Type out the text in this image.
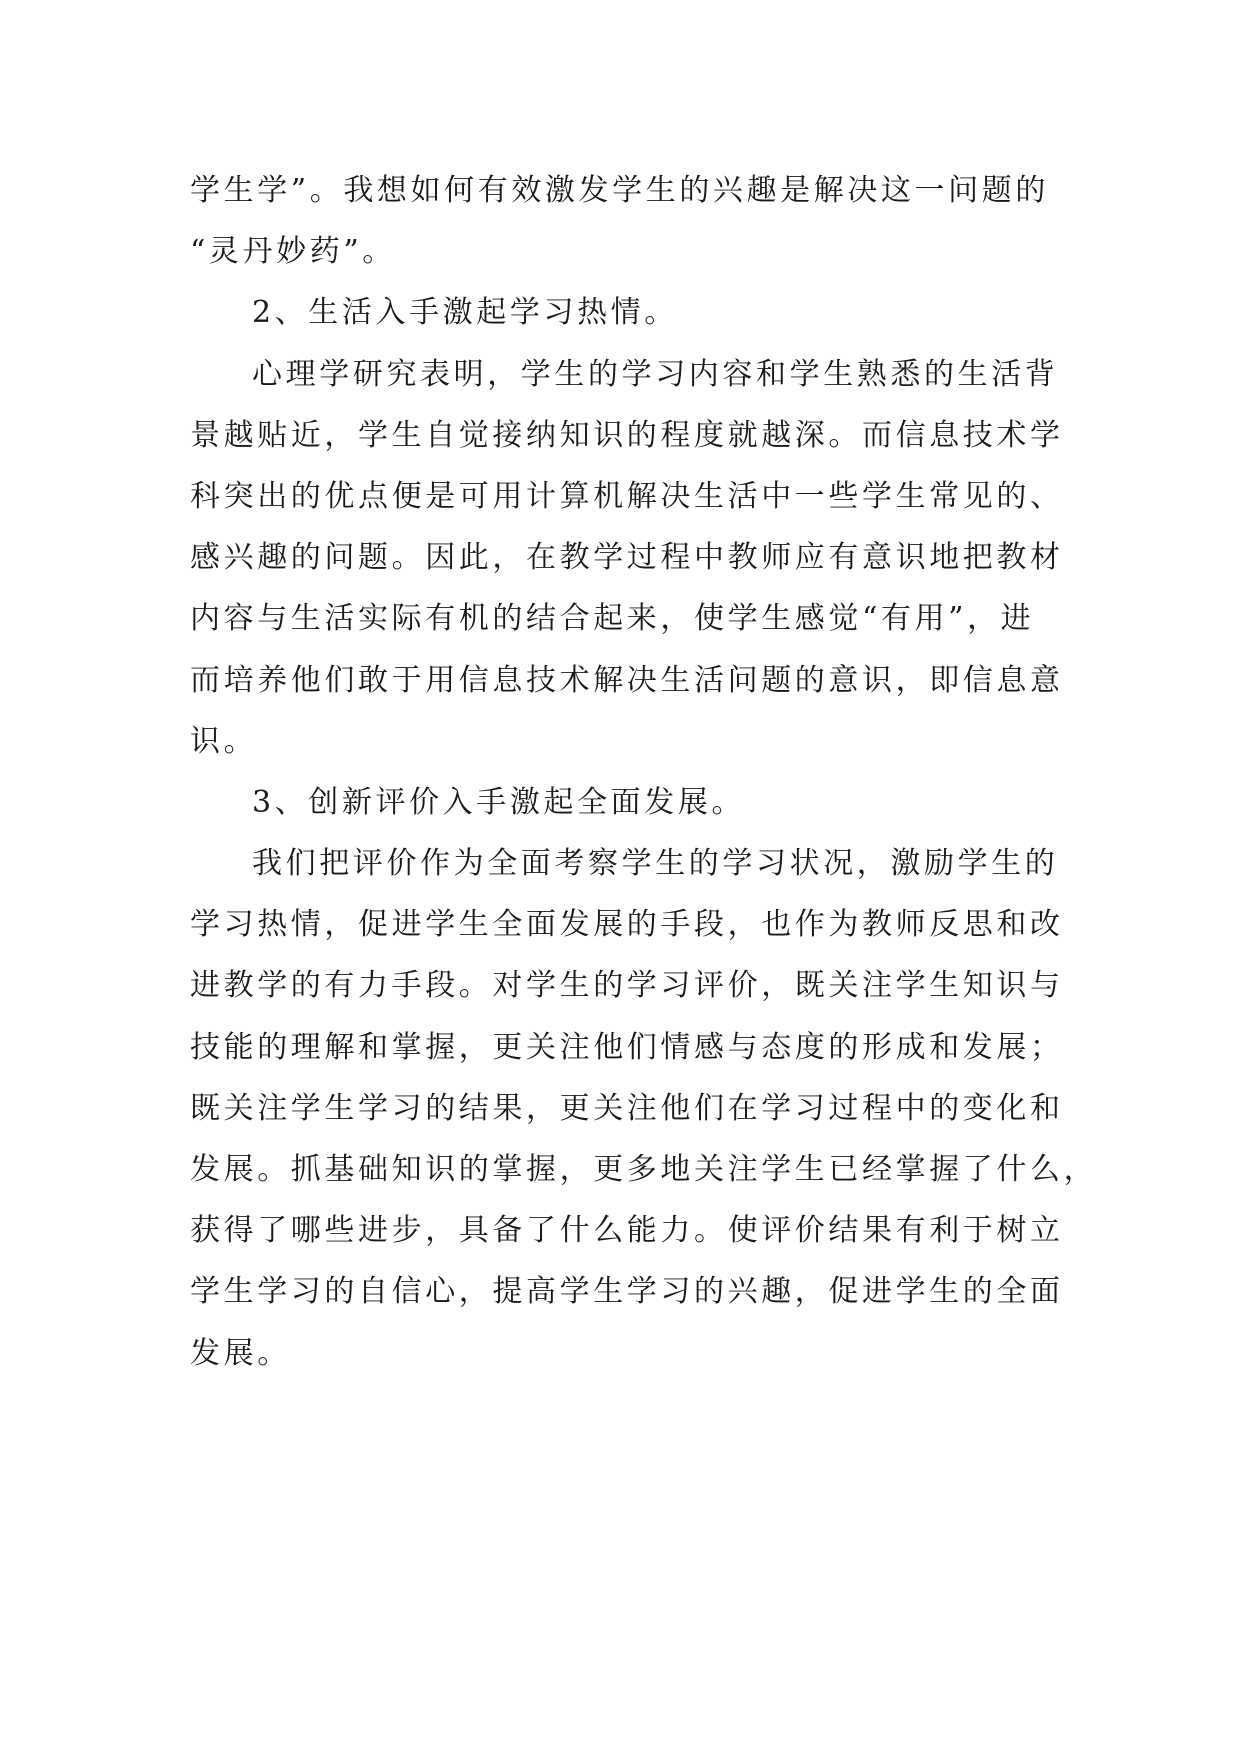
学生学”。我想如何有效激发学生的兴趣是解决这一问题的
“灵丹妙药”。
2、生活入手激起学习热情。
心理学研究表明，学生的学习内容和学生熟悉的生活背
景越贴近，学生自觉接纳知识的程度就越深。而信息技术学
科突出的优点便是可用计算机解决生活中一些学生常见的、
感兴趣的问题。因此，在教学过程中教师应有意识地把教材
内容与生活实际有机的结合起来，使学生感觉“有用”，进
而培养他们敢于用信息技术解决生活问题的意识，即信息意
识。
3、创新评价入手激起全面发展。
我们把评价作为全面考察学生的学习状况，激励学生的
学习热情，促进学生全面发展的手段，也作为教师反思和改
进教学的有力手段。对学生的学习评价，既关注学生知识与
技能的理解和掌握，更关注他们情感与态度的形成和发展；
既关注学生学习的结果，更关注他们在学习过程中的变化和
发展。抓基础知识的掌握，更多地关注学生已经掌握了什么，
获得了哪些进步，具备了什么能力。使评价结果有利于树立
学生学习的自信心，提高学生学习的兴趣，促进学生的全面
发展。
